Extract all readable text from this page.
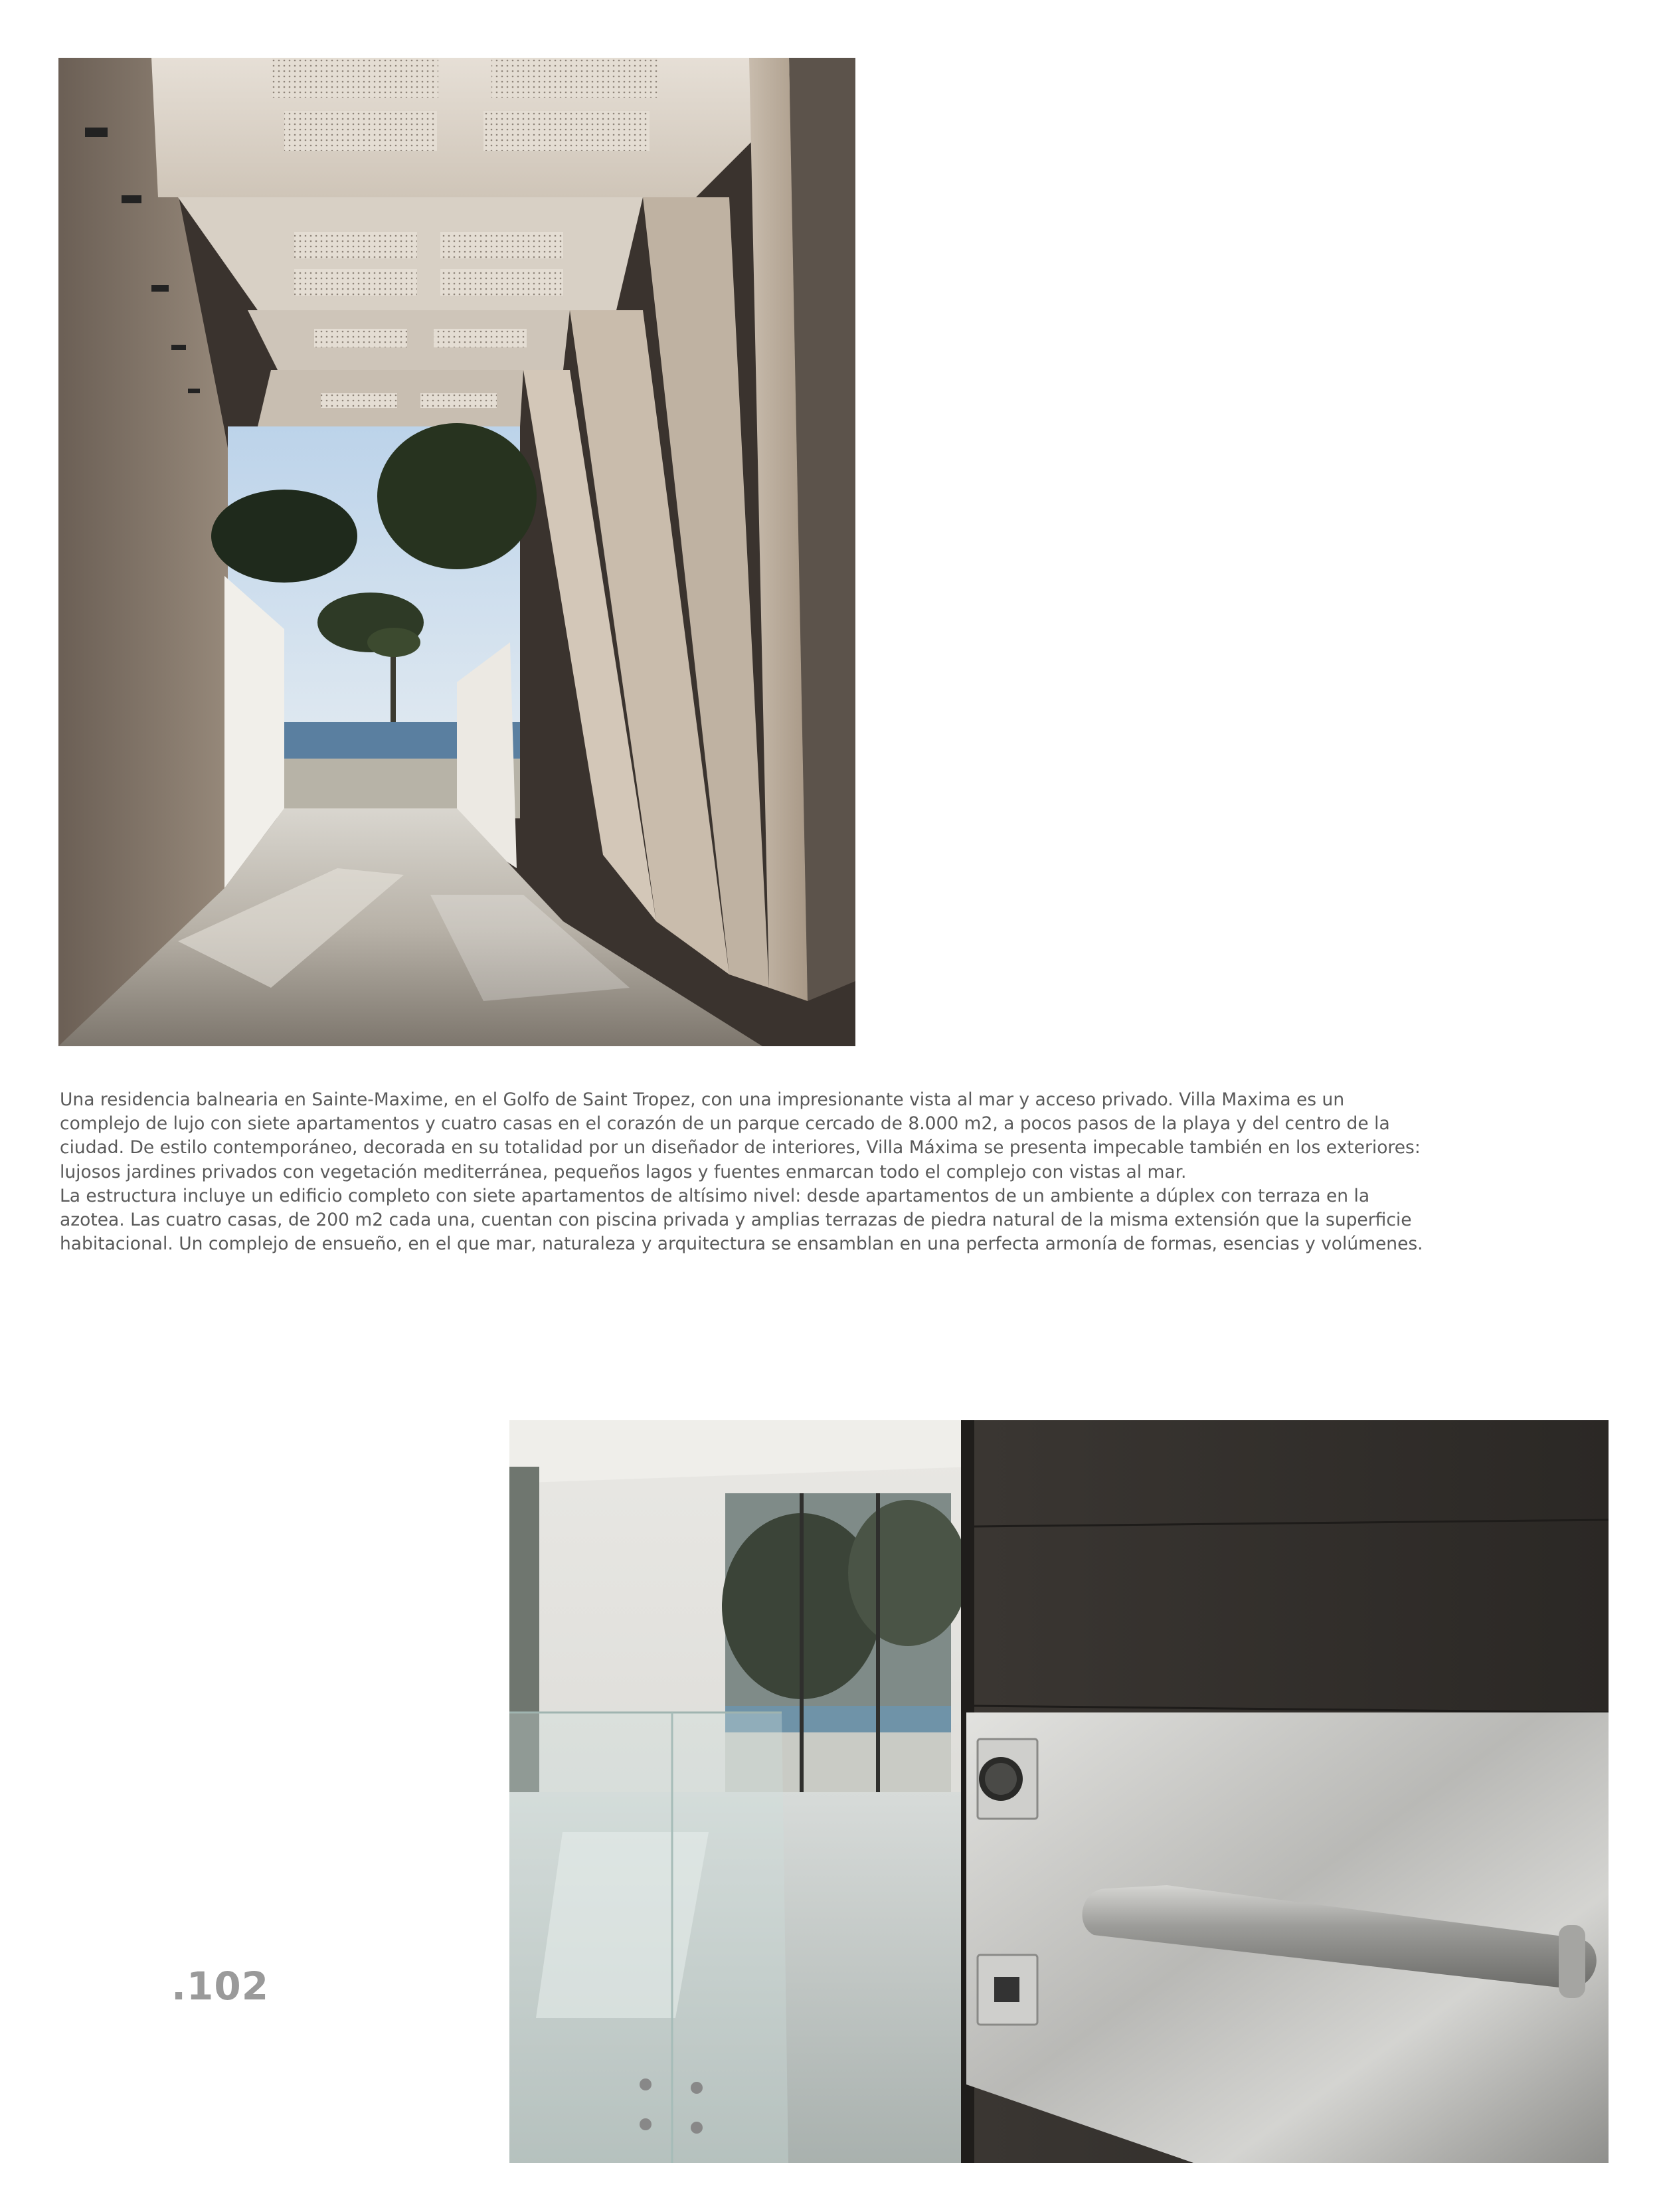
Una residencia balnearia en Sainte-Maxime, en el Golfo de Saint Tropez, con una impresionante vista al mar y acceso privado. Villa Maxima es un complejo de lujo con siete apartamentos y cuatro casas en el corazón de un parque cercado de 8.000 m2, a pocos pasos de la playa y del centro de la ciudad. De estilo contemporáneo, decorada en su totalidad por un diseñador de interiores, Villa Máxima se presenta impecable también en los exteriores: lujosos jardines privados con vegetación mediterránea, pequeños lagos y fuentes enmarcan todo el complejo con vistas al mar.

La estructura incluye un edificio completo con siete apartamentos de altísimo nivel: desde apartamentos de un ambiente a dúplex con terraza en la azotea. Las cuatro casas, de 200 m2 cada una, cuentan con piscina privada y amplias terrazas de piedra natural de la misma extensión que la superficie habitacional. Un complejo de ensueño, en el que mar, naturaleza y arquitectura se ensamblan en una perfecta armonía de formas, esencias y volúmenes.

.102
